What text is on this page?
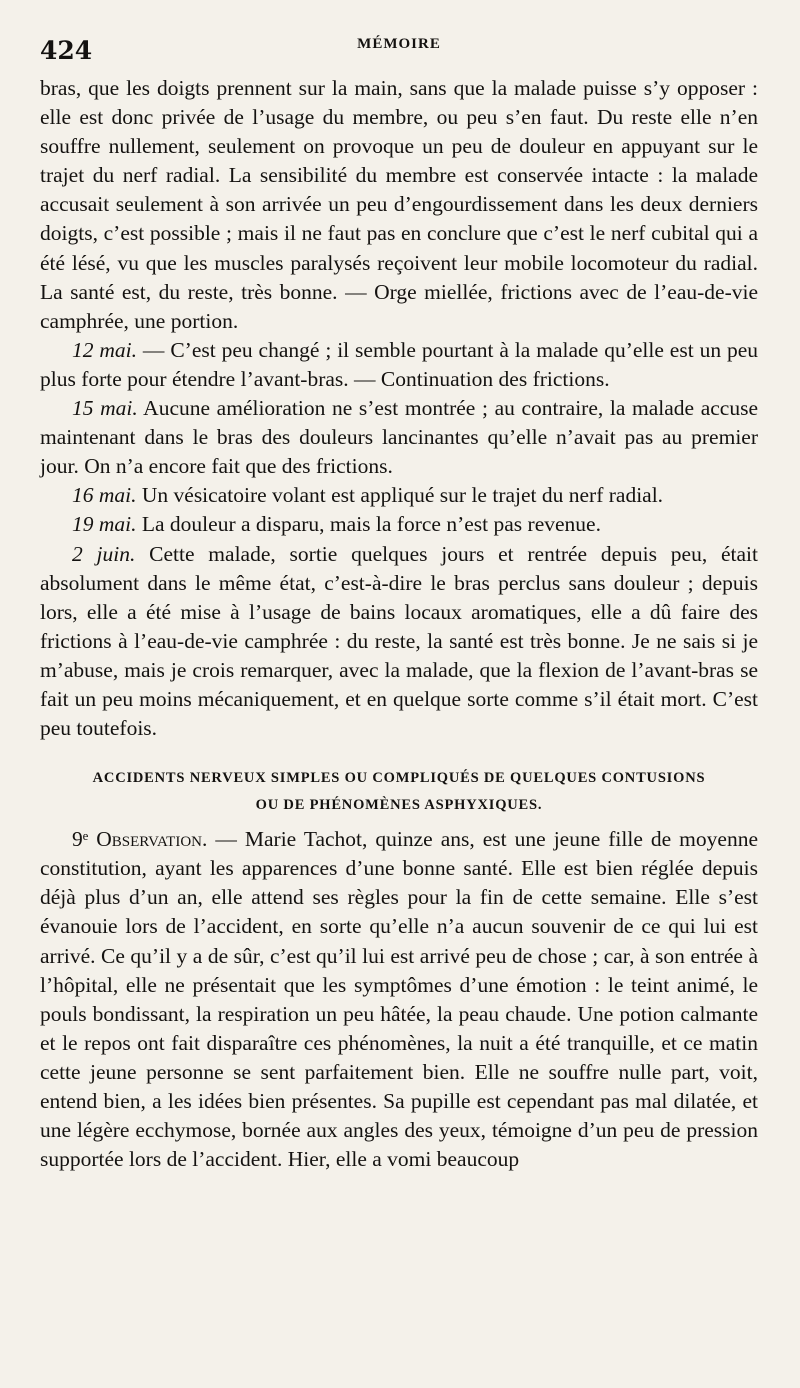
424	MÉMOIRE

bras, que les doigts prennent sur la main, sans que la malade puisse s’y opposer : elle est donc privée de l’usage du membre, ou peu s’en faut. Du reste elle n’en souffre nullement, seulement on provoque un peu de douleur en appuyant sur le trajet du nerf radial. La sensibilité du membre est conservée intacte : la malade accusait seulement à son arrivée un peu d’engourdissement dans les deux derniers doigts, c’est possible ; mais il ne faut pas en conclure que c’est le nerf cubital qui a été lésé, vu que les muscles paralysés reçoivent leur mobile locomoteur du radial. La santé est, du reste, très bonne. — Orge miellée, frictions avec de l’eau-de-vie camphrée, une portion.

12 mai. — C’est peu changé ; il semble pourtant à la malade qu’elle est un peu plus forte pour étendre l’avant-bras. — Continuation des frictions.

15 mai. Aucune amélioration ne s’est montrée ; au contraire, la malade accuse maintenant dans le bras des douleurs lancinantes qu’elle n’avait pas au premier jour. On n’a encore fait que des frictions.

16 mai. Un vésicatoire volant est appliqué sur le trajet du nerf radial.

19 mai. La douleur a disparu, mais la force n’est pas revenue.

2 juin. Cette malade, sortie quelques jours et rentrée depuis peu, était absolument dans le même état, c’est-à-dire le bras perclus sans douleur ; depuis lors, elle a été mise à l’usage de bains locaux aromatiques, elle a dû faire des frictions à l’eau-de-vie camphrée : du reste, la santé est très bonne. Je ne sais si je m’abuse, mais je crois remarquer, avec la malade, que la flexion de l’avant-bras se fait un peu moins mécaniquement, et en quelque sorte comme s’il était mort. C’est peu toutefois.

ACCIDENTS NERVEUX SIMPLES OU COMPLIQUÉS DE QUELQUES CONTUSIONS
OU DE PHÉNOMÈNES ASPHYXIQUES.

9ᵉ Observation. — Marie Tachot, quinze ans, est une jeune fille de moyenne constitution, ayant les apparences d’une bonne santé. Elle est bien réglée depuis déjà plus d’un an, elle attend ses règles pour la fin de cette semaine. Elle s’est évanouie lors de l’accident, en sorte qu’elle n’a aucun souvenir de ce qui lui est arrivé. Ce qu’il y a de sûr, c’est qu’il lui est arrivé peu de chose ; car, à son entrée à l’hôpital, elle ne présentait que les symptômes d’une émotion : le teint animé, le pouls bondissant, la respiration un peu hâtée, la peau chaude. Une potion calmante et le repos ont fait disparaître ces phénomènes, la nuit a été tranquille, et ce matin cette jeune personne se sent parfaitement bien. Elle ne souffre nulle part, voit, entend bien, a les idées bien présentes. Sa pupille est cependant pas mal dilatée, et une légère ecchymose, bornée aux angles des yeux, témoigne d’un peu de pression supportée lors de l’accident. Hier, elle a vomi beaucoup
